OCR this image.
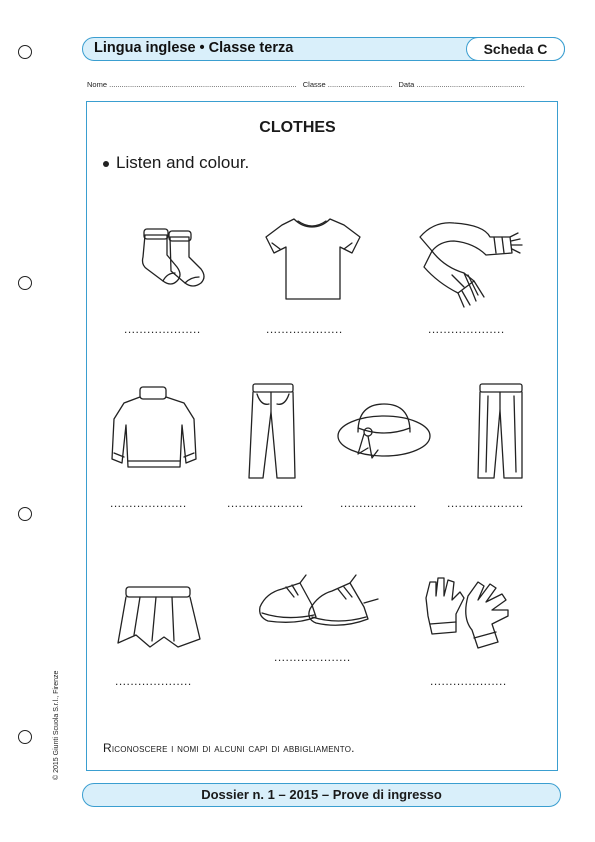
Lingua inglese • Classe terza	Scheda C
Nome .......................................................................................... Classe ............................... Data ....................................................
CLOTHES
Listen and colour.
....................	....................	....................
....................	....................	....................	....................
....................
....................	....................
Riconoscere i nomi di alcuni capi di abbigliamento.
© 2015 Giunti Scuola S.r.l., Firenze
Dossier n. 1 – 2015 – Prove di ingresso
